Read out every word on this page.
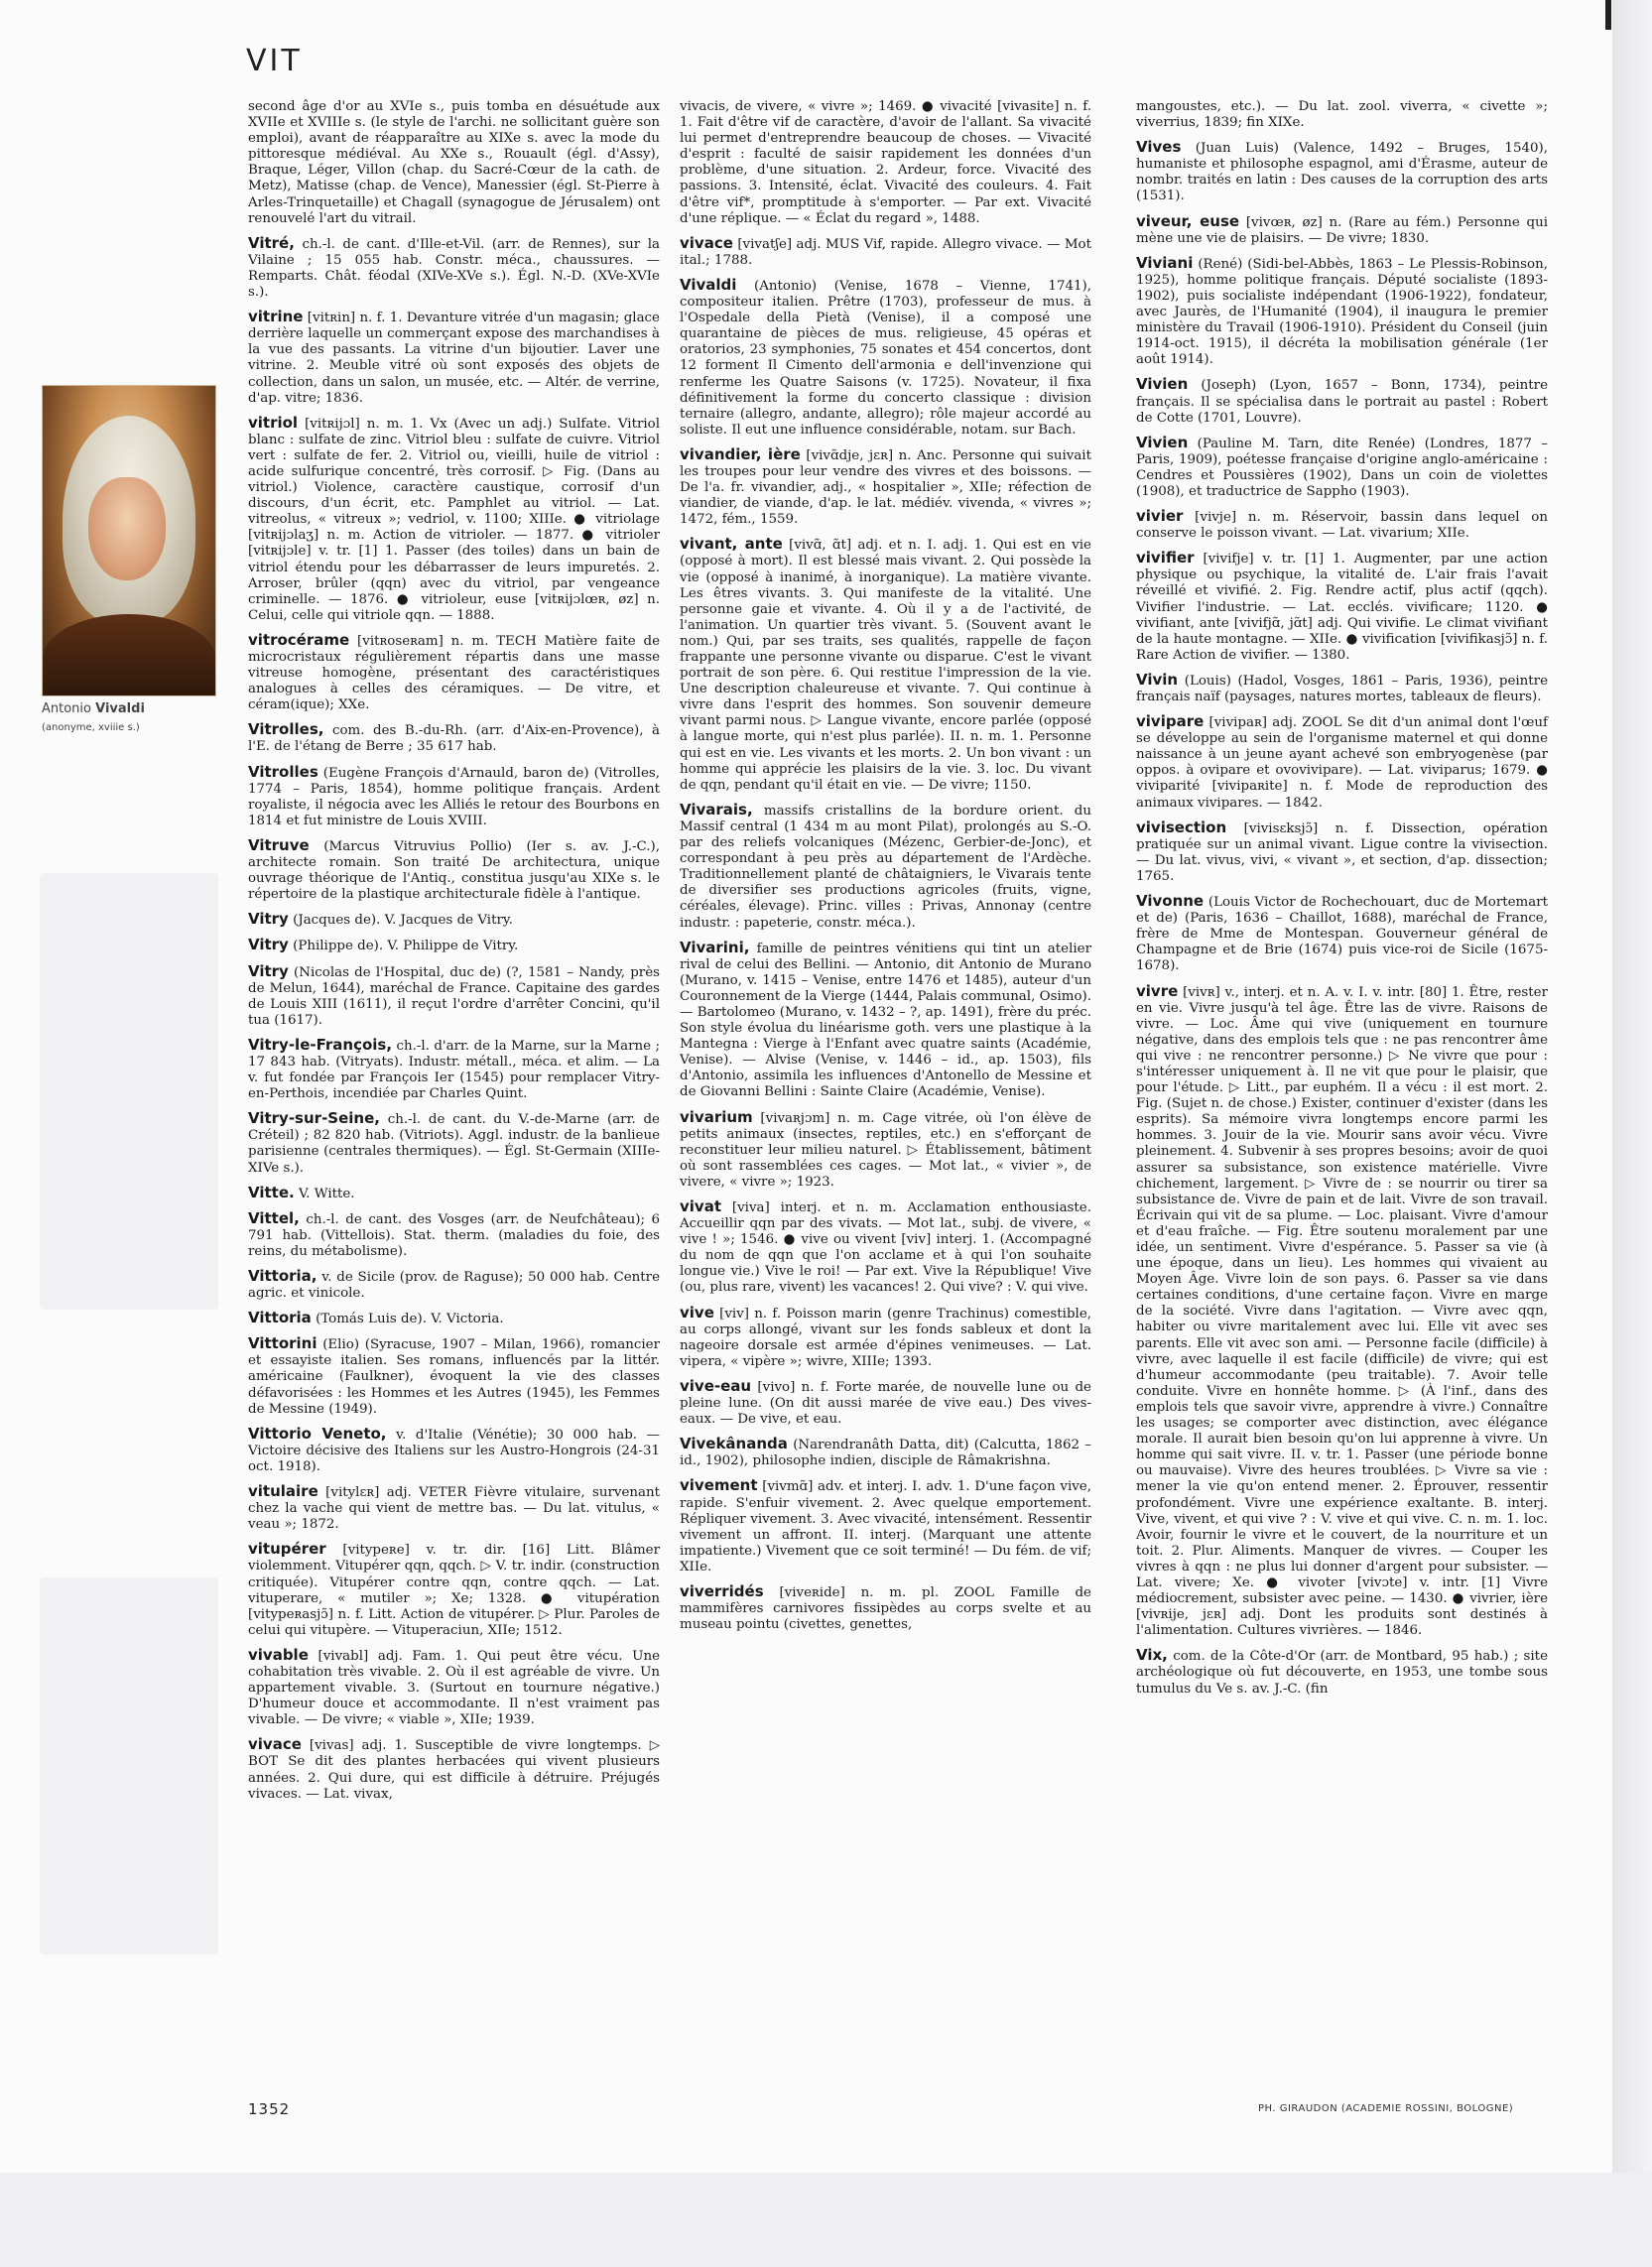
VIT
Antonio Vivaldi
(anonyme, xviiie s.)

second âge d'or au XVIe s., puis tomba en désuétude aux XVIIe et XVIIIe s. (le style de l'archi. ne sollicitant guère son emploi), avant de réapparaître au XIXe s. avec la mode du pittoresque médiéval. Au XXe s., Rouault (égl. d'Assy), Braque, Léger, Villon (chap. du Sacré-Cœur de la cath. de Metz), Matisse (chap. de Vence), Manessier (égl. St-Pierre à Arles-Trinquetaille) et Chagall (synagogue de Jérusalem) ont renouvelé l'art du vitrail.

Vitré, ch.-l. de cant. d'Ille-et-Vil. (arr. de Rennes), sur la Vilaine ; 15 055 hab. Constr. méca., chaussures. — Remparts. Chât. féodal (XIVe-XVe s.). Égl. N.-D. (XVe-XVIe s.).

vitrine [vitʀin] n. f. 1. Devanture vitrée d'un magasin; glace derrière laquelle un commerçant expose des marchandises à la vue des passants. La vitrine d'un bijoutier. Laver une vitrine. 2. Meuble vitré où sont exposés des objets de collection, dans un salon, un musée, etc. — Altér. de verrine, d'ap. vitre; 1836.

vitriol [vitʀijɔl] n. m. 1. Vx (Avec un adj.) Sulfate. Vitriol blanc : sulfate de zinc. Vitriol bleu : sulfate de cuivre. Vitriol vert : sulfate de fer. 2. Vitriol ou, vieilli, huile de vitriol : acide sulfurique concentré, très corrosif. ▷ Fig. (Dans au vitriol.) Violence, caractère caustique, corrosif d'un discours, d'un écrit, etc. Pamphlet au vitriol. — Lat. vitreolus, « vitreux »; vedriol, v. 1100; XIIIe. ● vitriolage [vitʀijɔlaʒ] n. m. Action de vitrioler. — 1877. ● vitrioler [vitʀijɔle] v. tr. [1] 1. Passer (des toiles) dans un bain de vitriol étendu pour les débarrasser de leurs impuretés. 2. Arroser, brûler (qqn) avec du vitriol, par vengeance criminelle. — 1876. ● vitrioleur, euse [vitʀijɔlœʀ, øz] n. Celui, celle qui vitriole qqn. — 1888.

vitrocérame [vitʀoseʀam] n. m. TECH Matière faite de microcristaux régulièrement répartis dans une masse vitreuse homogène, présentant des caractéristiques analogues à celles des céramiques. — De vitre, et céram(ique); XXe.

Vitrolles, com. des B.-du-Rh. (arr. d'Aix-en-Provence), à l'E. de l'étang de Berre ; 35 617 hab.

Vitrolles (Eugène François d'Arnauld, baron de) (Vitrolles, 1774 – Paris, 1854), homme politique français. Ardent royaliste, il négocia avec les Alliés le retour des Bourbons en 1814 et fut ministre de Louis XVIII.

Vitruve (Marcus Vitruvius Pollio) (Ier s. av. J.-C.), architecte romain. Son traité De architectura, unique ouvrage théorique de l'Antiq., constitua jusqu'au XIXe s. le répertoire de la plastique architecturale fidèle à l'antique.

Vitry (Jacques de). V. Jacques de Vitry.

Vitry (Philippe de). V. Philippe de Vitry.

Vitry (Nicolas de l'Hospital, duc de) (?, 1581 – Nandy, près de Melun, 1644), maréchal de France. Capitaine des gardes de Louis XIII (1611), il reçut l'ordre d'arrêter Concini, qu'il tua (1617).

Vitry-le-François, ch.-l. d'arr. de la Marne, sur la Marne ; 17 843 hab. (Vitryats). Industr. métall., méca. et alim. — La v. fut fondée par François Ier (1545) pour remplacer Vitry-en-Perthois, incendiée par Charles Quint.

Vitry-sur-Seine, ch.-l. de cant. du V.-de-Marne (arr. de Créteil) ; 82 820 hab. (Vitriots). Aggl. industr. de la banlieue parisienne (centrales thermiques). — Égl. St-Germain (XIIIe-XIVe s.).

Vitte. V. Witte.

Vittel, ch.-l. de cant. des Vosges (arr. de Neufchâteau); 6 791 hab. (Vittellois). Stat. therm. (maladies du foie, des reins, du métabolisme).

Vittoria, v. de Sicile (prov. de Raguse); 50 000 hab. Centre agric. et vinicole.

Vittoria (Tomás Luis de). V. Victoria.

Vittorini (Elio) (Syracuse, 1907 – Milan, 1966), romancier et essayiste italien. Ses romans, influencés par la littér. américaine (Faulkner), évoquent la vie des classes défavorisées : les Hommes et les Autres (1945), les Femmes de Messine (1949).

Vittorio Veneto, v. d'Italie (Vénétie); 30 000 hab. — Victoire décisive des Italiens sur les Austro-Hongrois (24-31 oct. 1918).

vitulaire [vitylɛʀ] adj. VETER Fièvre vitulaire, survenant chez la vache qui vient de mettre bas. — Du lat. vitulus, « veau »; 1872.

vitupérer [vitypeʀe] v. tr. dir. [16] Litt. Blâmer violemment. Vitupérer qqn, qqch. ▷ V. tr. indir. (construction critiquée). Vitupérer contre qqn, contre qqch. — Lat. vituperare, « mutiler »; Xe; 1328. ● vitupération [vitypeʀasjɔ̃] n. f. Litt. Action de vitupérer. ▷ Plur. Paroles de celui qui vitupère. — Vituperaciun, XIIe; 1512.

vivable [vivabl] adj. Fam. 1. Qui peut être vécu. Une cohabitation très vivable. 2. Où il est agréable de vivre. Un appartement vivable. 3. (Surtout en tournure négative.) D'humeur douce et accommodante. Il n'est vraiment pas vivable. — De vivre; « viable », XIIe; 1939.

vivace [vivas] adj. 1. Susceptible de vivre longtemps. ▷ BOT Se dit des plantes herbacées qui vivent plusieurs années. 2. Qui dure, qui est difficile à détruire. Préjugés vivaces. — Lat. vivax,

vivacis, de vivere, « vivre »; 1469. ● vivacité [vivasite] n. f. 1. Fait d'être vif de caractère, d'avoir de l'allant. Sa vivacité lui permet d'entreprendre beaucoup de choses. — Vivacité d'esprit : faculté de saisir rapidement les données d'un problème, d'une situation. 2. Ardeur, force. Vivacité des passions. 3. Intensité, éclat. Vivacité des couleurs. 4. Fait d'être vif*, promptitude à s'emporter. — Par ext. Vivacité d'une réplique. — « Éclat du regard », 1488.

vivace [vivatʃe] adj. MUS Vif, rapide. Allegro vivace. — Mot ital.; 1788.

Vivaldi (Antonio) (Venise, 1678 – Vienne, 1741), compositeur italien. Prêtre (1703), professeur de mus. à l'Ospedale della Pietà (Venise), il a composé une quarantaine de pièces de mus. religieuse, 45 opéras et oratorios, 23 symphonies, 75 sonates et 454 concertos, dont 12 forment Il Cimento dell'armonia e dell'invenzione qui renferme les Quatre Saisons (v. 1725). Novateur, il fixa définitivement la forme du concerto classique : division ternaire (allegro, andante, allegro); rôle majeur accordé au soliste. Il eut une influence considérable, notam. sur Bach.

vivandier, ière [vivɑ̃dje, jɛʀ] n. Anc. Personne qui suivait les troupes pour leur vendre des vivres et des boissons. — De l'a. fr. vivandier, adj., « hospitalier », XIIe; réfection de viandier, de viande, d'ap. le lat. médiév. vivenda, « vivres »; 1472, fém., 1559.

vivant, ante [vivɑ̃, ɑ̃t] adj. et n. I. adj. 1. Qui est en vie (opposé à mort). Il est blessé mais vivant. 2. Qui possède la vie (opposé à inanimé, à inorganique). La matière vivante. Les êtres vivants. 3. Qui manifeste de la vitalité. Une personne gaie et vivante. 4. Où il y a de l'activité, de l'animation. Un quartier très vivant. 5. (Souvent avant le nom.) Qui, par ses traits, ses qualités, rappelle de façon frappante une personne vivante ou disparue. C'est le vivant portrait de son père. 6. Qui restitue l'impression de la vie. Une description chaleureuse et vivante. 7. Qui continue à vivre dans l'esprit des hommes. Son souvenir demeure vivant parmi nous. ▷ Langue vivante, encore parlée (opposé à langue morte, qui n'est plus parlée). II. n. m. 1. Personne qui est en vie. Les vivants et les morts. 2. Un bon vivant : un homme qui apprécie les plaisirs de la vie. 3. loc. Du vivant de qqn, pendant qu'il était en vie. — De vivre; 1150.

Vivarais, massifs cristallins de la bordure orient. du Massif central (1 434 m au mont Pilat), prolongés au S.-O. par des reliefs volcaniques (Mézenc, Gerbier-de-Jonc), et correspondant à peu près au département de l'Ardèche. Traditionnellement planté de châtaigniers, le Vivarais tente de diversifier ses productions agricoles (fruits, vigne, céréales, élevage). Princ. villes : Privas, Annonay (centre industr. : papeterie, constr. méca.).

Vivarini, famille de peintres vénitiens qui tint un atelier rival de celui des Bellini. — Antonio, dit Antonio de Murano (Murano, v. 1415 – Venise, entre 1476 et 1485), auteur d'un Couronnement de la Vierge (1444, Palais communal, Osimo). — Bartolomeo (Murano, v. 1432 – ?, ap. 1491), frère du préc. Son style évolua du linéarisme goth. vers une plastique à la Mantegna : Vierge à l'Enfant avec quatre saints (Académie, Venise). — Alvise (Venise, v. 1446 – id., ap. 1503), fils d'Antonio, assimila les influences d'Antonello de Messine et de Giovanni Bellini : Sainte Claire (Académie, Venise).

vivarium [vivaʀjɔm] n. m. Cage vitrée, où l'on élève de petits animaux (insectes, reptiles, etc.) en s'efforçant de reconstituer leur milieu naturel. ▷ Établissement, bâtiment où sont rassemblées ces cages. — Mot lat., « vivier », de vivere, « vivre »; 1923.

vivat [viva] interj. et n. m. Acclamation enthousiaste. Accueillir qqn par des vivats. — Mot lat., subj. de vivere, « vive ! »; 1546. ● vive ou vivent [viv] interj. 1. (Accompagné du nom de qqn que l'on acclame et à qui l'on souhaite longue vie.) Vive le roi! — Par ext. Vive la République! Vive (ou, plus rare, vivent) les vacances! 2. Qui vive? : V. qui vive.

vive [viv] n. f. Poisson marin (genre Trachinus) comestible, au corps allongé, vivant sur les fonds sableux et dont la nageoire dorsale est armée d'épines venimeuses. — Lat. vipera, « vipère »; wivre, XIIIe; 1393.

vive-eau [vivo] n. f. Forte marée, de nouvelle lune ou de pleine lune. (On dit aussi marée de vive eau.) Des vives-eaux. — De vive, et eau.

Vivekânanda (Narendranâth Datta, dit) (Calcutta, 1862 – id., 1902), philosophe indien, disciple de Râmakrishna.

vivement [vivmɑ̃] adv. et interj. I. adv. 1. D'une façon vive, rapide. S'enfuir vivement. 2. Avec quelque emportement. Répliquer vivement. 3. Avec vivacité, intensément. Ressentir vivement un affront. II. interj. (Marquant une attente impatiente.) Vivement que ce soit terminé! — Du fém. de vif; XIIe.

viverridés [viveʀide] n. m. pl. ZOOL Famille de mammifères carnivores fissipèdes au corps svelte et au museau pointu (civettes, genettes,

mangoustes, etc.). — Du lat. zool. viverra, « civette »; viverrius, 1839; fin XIXe.

Vives (Juan Luis) (Valence, 1492 – Bruges, 1540), humaniste et philosophe espagnol, ami d'Érasme, auteur de nombr. traités en latin : Des causes de la corruption des arts (1531).

viveur, euse [vivœʀ, øz] n. (Rare au fém.) Personne qui mène une vie de plaisirs. — De vivre; 1830.

Viviani (René) (Sidi-bel-Abbès, 1863 – Le Plessis-Robinson, 1925), homme politique français. Député socialiste (1893-1902), puis socialiste indépendant (1906-1922), fondateur, avec Jaurès, de l'Humanité (1904), il inaugura le premier ministère du Travail (1906-1910). Président du Conseil (juin 1914-oct. 1915), il décréta la mobilisation générale (1er août 1914).

Vivien (Joseph) (Lyon, 1657 – Bonn, 1734), peintre français. Il se spécialisa dans le portrait au pastel : Robert de Cotte (1701, Louvre).

Vivien (Pauline M. Tarn, dite Renée) (Londres, 1877 – Paris, 1909), poétesse française d'origine anglo-américaine : Cendres et Poussières (1902), Dans un coin de violettes (1908), et traductrice de Sappho (1903).

vivier [vivje] n. m. Réservoir, bassin dans lequel on conserve le poisson vivant. — Lat. vivarium; XIIe.

vivifier [vivifje] v. tr. [1] 1. Augmenter, par une action physique ou psychique, la vitalité de. L'air frais l'avait réveillé et vivifié. 2. Fig. Rendre actif, plus actif (qqch). Vivifier l'industrie. — Lat. ecclés. vivificare; 1120. ● vivifiant, ante [vivifjɑ̃, jɑ̃t] adj. Qui vivifie. Le climat vivifiant de la haute montagne. — XIIe. ● vivification [vivifikasjɔ̃] n. f. Rare Action de vivifier. — 1380.

Vivin (Louis) (Hadol, Vosges, 1861 – Paris, 1936), peintre français naïf (paysages, natures mortes, tableaux de fleurs).

vivipare [vivipaʀ] adj. ZOOL Se dit d'un animal dont l'œuf se développe au sein de l'organisme maternel et qui donne naissance à un jeune ayant achevé son embryogenèse (par oppos. à ovipare et ovovivipare). — Lat. viviparus; 1679. ● viviparité [vivipaʀite] n. f. Mode de reproduction des animaux vivipares. — 1842.

vivisection [vivisɛksjɔ̃] n. f. Dissection, opération pratiquée sur un animal vivant. Ligue contre la vivisection. — Du lat. vivus, vivi, « vivant », et section, d'ap. dissection; 1765.

Vivonne (Louis Victor de Rochechouart, duc de Mortemart et de) (Paris, 1636 – Chaillot, 1688), maréchal de France, frère de Mme de Montespan. Gouverneur général de Champagne et de Brie (1674) puis vice-roi de Sicile (1675-1678).

vivre [vivʀ] v., interj. et n. A. v. I. v. intr. [80] 1. Être, rester en vie. Vivre jusqu'à tel âge. Être las de vivre. Raisons de vivre. — Loc. Âme qui vive (uniquement en tournure négative, dans des emplois tels que : ne pas rencontrer âme qui vive : ne rencontrer personne.) ▷ Ne vivre que pour : s'intéresser uniquement à. Il ne vit que pour le plaisir, que pour l'étude. ▷ Litt., par euphém. Il a vécu : il est mort. 2. Fig. (Sujet n. de chose.) Exister, continuer d'exister (dans les esprits). Sa mémoire vivra longtemps encore parmi les hommes. 3. Jouir de la vie. Mourir sans avoir vécu. Vivre pleinement. 4. Subvenir à ses propres besoins; avoir de quoi assurer sa subsistance, son existence matérielle. Vivre chichement, largement. ▷ Vivre de : se nourrir ou tirer sa subsistance de. Vivre de pain et de lait. Vivre de son travail. Écrivain qui vit de sa plume. — Loc. plaisant. Vivre d'amour et d'eau fraîche. — Fig. Être soutenu moralement par une idée, un sentiment. Vivre d'espérance. 5. Passer sa vie (à une époque, dans un lieu). Les hommes qui vivaient au Moyen Âge. Vivre loin de son pays. 6. Passer sa vie dans certaines conditions, d'une certaine façon. Vivre en marge de la société. Vivre dans l'agitation. — Vivre avec qqn, habiter ou vivre maritalement avec lui. Elle vit avec ses parents. Elle vit avec son ami. — Personne facile (difficile) à vivre, avec laquelle il est facile (difficile) de vivre; qui est d'humeur accommodante (peu traitable). 7. Avoir telle conduite. Vivre en honnête homme. ▷ (À l'inf., dans des emplois tels que savoir vivre, apprendre à vivre.) Connaître les usages; se comporter avec distinction, avec élégance morale. Il aurait bien besoin qu'on lui apprenne à vivre. Un homme qui sait vivre. II. v. tr. 1. Passer (une période bonne ou mauvaise). Vivre des heures troublées. ▷ Vivre sa vie : mener la vie qu'on entend mener. 2. Éprouver, ressentir profondément. Vivre une expérience exaltante. B. interj. Vive, vivent, et qui vive ? : V. vive et qui vive. C. n. m. 1. loc. Avoir, fournir le vivre et le couvert, de la nourriture et un toit. 2. Plur. Aliments. Manquer de vivres. — Couper les vivres à qqn : ne plus lui donner d'argent pour subsister. — Lat. vivere; Xe. ● vivoter [vivɔte] v. intr. [1] Vivre médiocrement, subsister avec peine. — 1430. ● vivrier, ière [vivʀije, jɛʀ] adj. Dont les produits sont destinés à l'alimentation. Cultures vivrières. — 1846.

Vix, com. de la Côte-d'Or (arr. de Montbard, 95 hab.) ; site archéologique où fut découverte, en 1953, une tombe sous tumulus du Ve s. av. J.-C. (fin

1352	PH. GIRAUDON (ACADEMIE ROSSINI, BOLOGNE)
